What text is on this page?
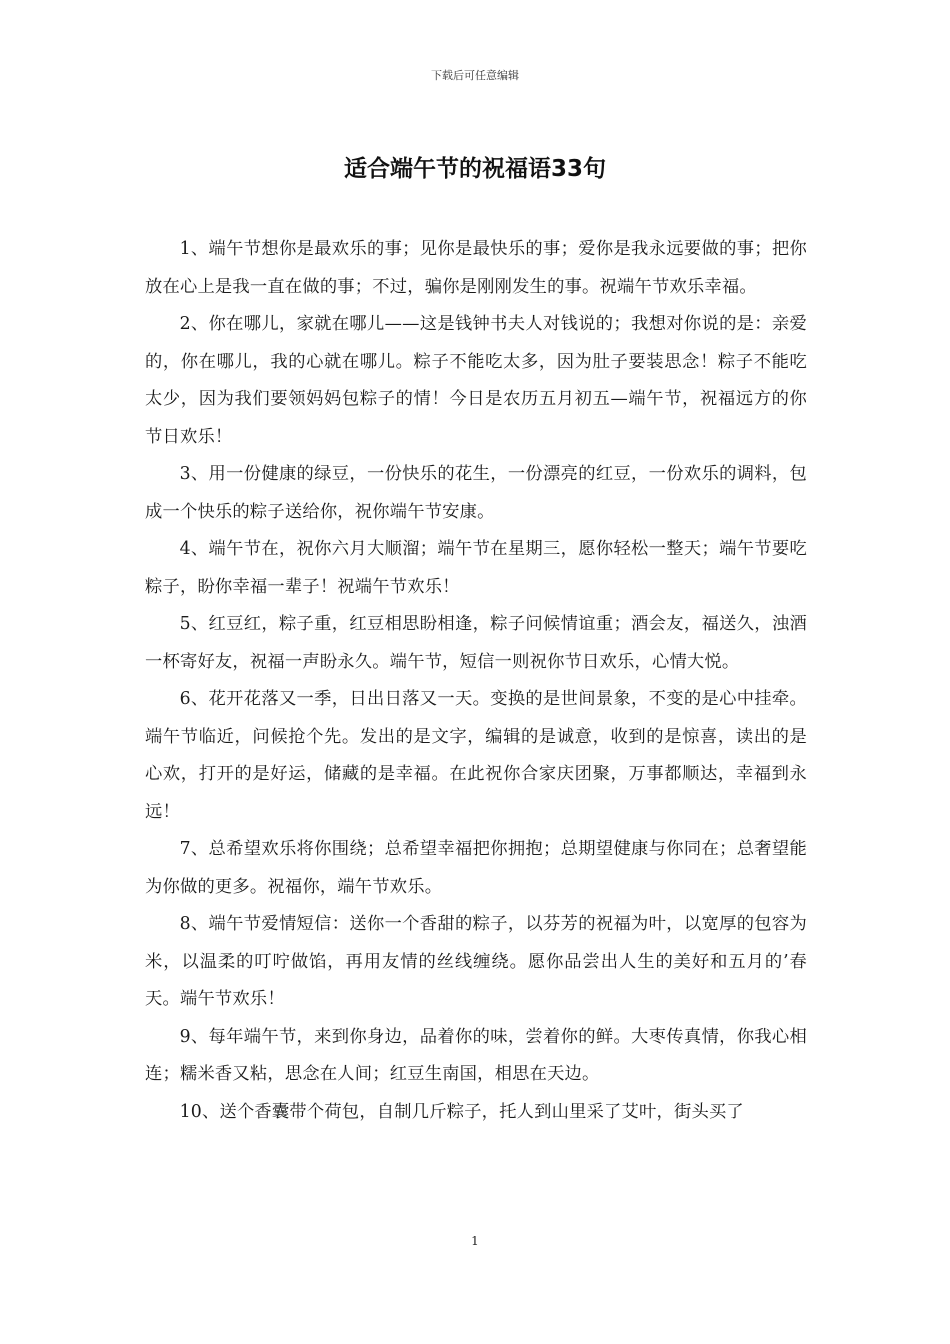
下载后可任意编辑
适合端午节的祝福语33句

1、端午节想你是最欢乐的事；见你是最快乐的事；爱你是我永远要做的事；把你放在心上是我一直在做的事；不过，骗你是刚刚发生的事。祝端午节欢乐幸福。

2、你在哪儿，家就在哪儿——这是钱钟书夫人对钱说的；我想对你说的是：亲爱的，你在哪儿，我的心就在哪儿。粽子不能吃太多，因为肚子要装思念！粽子不能吃太少，因为我们要领妈妈包粽子的情！今日是农历五月初五—端午节，祝福远方的你节日欢乐！

3、用一份健康的绿豆，一份快乐的花生，一份漂亮的红豆，一份欢乐的调料，包成一个快乐的粽子送给你，祝你端午节安康。

4、端午节在，祝你六月大顺溜；端午节在星期三，愿你轻松一整天；端午节要吃粽子，盼你幸福一辈子！祝端午节欢乐！

5、红豆红，粽子重，红豆相思盼相逢，粽子问候情谊重；酒会友，福送久，浊酒一杯寄好友，祝福一声盼永久。端午节，短信一则祝你节日欢乐，心情大悦。

6、花开花落又一季，日出日落又一天。变换的是世间景象，不变的是心中挂牵。端午节临近，问候抢个先。发出的是文字，编辑的是诚意，收到的是惊喜，读出的是心欢，打开的是好运，储藏的是幸福。在此祝你合家庆团聚，万事都顺达，幸福到永远！

7、总希望欢乐将你围绕；总希望幸福把你拥抱；总期望健康与你同在；总奢望能为你做的更多。祝福你，端午节欢乐。

8、端午节爱情短信：送你一个香甜的粽子，以芬芳的祝福为叶，以宽厚的包容为米，以温柔的叮咛做馅，再用友情的丝线缠绕。愿你品尝出人生的美好和五月的’春天。端午节欢乐！

9、每年端午节，来到你身边，品着你的味，尝着你的鲜。大枣传真情，你我心相连；糯米香又粘，思念在人间；红豆生南国，相思在天边。

10、送个香囊带个荷包，自制几斤粽子，托人到山里采了艾叶，街头买了

1
